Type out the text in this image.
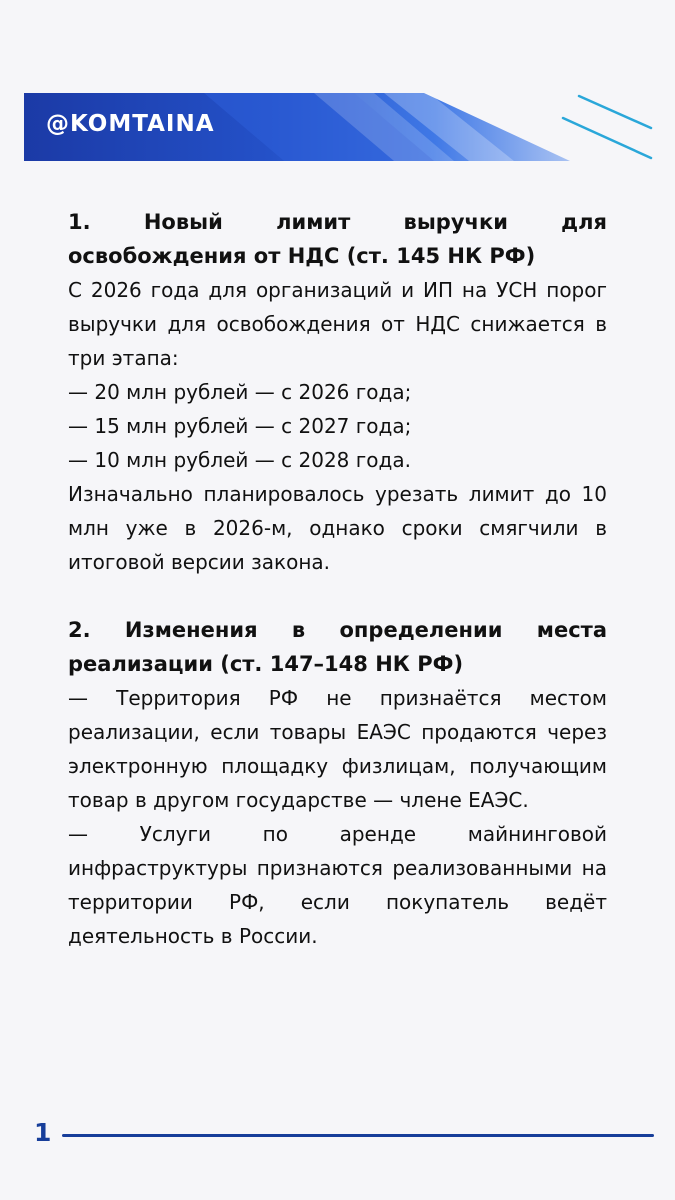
@KOMTAINA

1. Новый лимит выручки для освобождения от НДС (ст. 145 НК РФ)

С 2026 года для организаций и ИП на УСН порог выручки для освобождения от НДС снижается в три этапа:

— 20 млн рублей — с 2026 года;

— 15 млн рублей — с 2027 года;

— 10 млн рублей — с 2028 года.

Изначально планировалось урезать лимит до 10 млн уже в 2026-м, однако сроки смягчили в итоговой версии закона.

2. Изменения в определении места реализации (ст. 147–148 НК РФ)

— Территория РФ не признаётся местом реализации, если товары ЕАЭС продаются через электронную площадку физлицам, получающим товар в другом государстве — члене ЕАЭС.

— Услуги по аренде майнинговой инфраструктуры признаются реализованными на территории РФ, если покупатель ведёт деятельность в России.

1
